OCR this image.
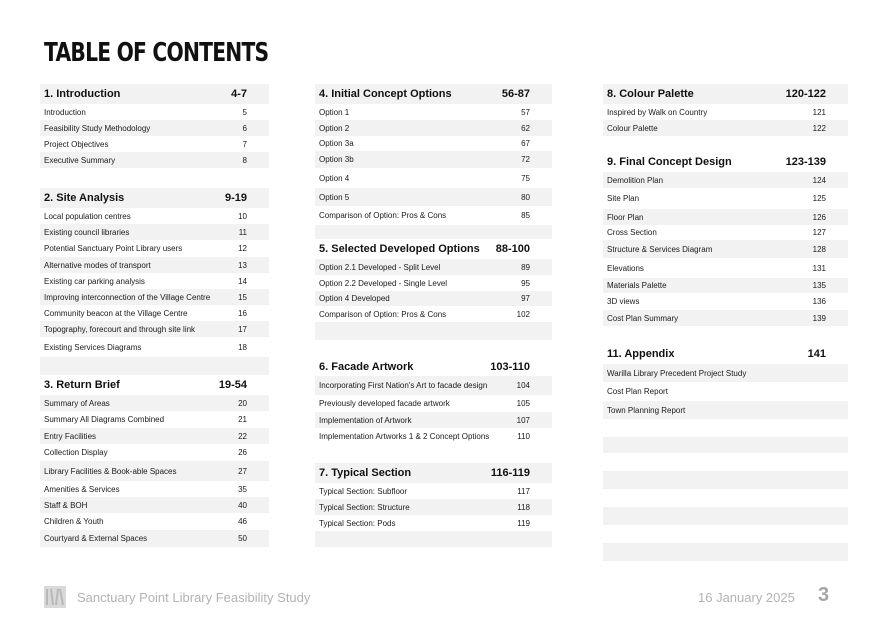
TABLE OF CONTENTS
1. Introduction	4-7
Introduction	5
Feasibility Study Methodology	6
Project Objectives	7
Executive Summary	8
2. Site Analysis	9-19
Local population centres	10
Existing council libraries	11
Potential Sanctuary Point Library users	12
Alternative modes of transport	13
Existing car parking analysis	14
Improving interconnection of the Village Centre	15
Community beacon at the Village Centre	16
Topography, forecourt and through site link	17
Existing Services Diagrams	18
3. Return Brief	19-54
Summary of Areas	20
Summary All Diagrams Combined	21
Entry Facilities	22
Collection Display	26
Library Facilities & Book-able Spaces	27
Amenities & Services	35
Staff & BOH	40
Children & Youth	46
Courtyard & External Spaces	50
4. Initial Concept Options	56-87
Option 1	57
Option 2	62
Option 3a	67
Option 3b	72
Option 4	75
Option 5	80
Comparison of Option: Pros & Cons	85
5. Selected Developed Options 88-100
Option 2.1 Developed - Split Level	89
Option 2.2 Developed - Single Level	95
Option 4 Developed	97
Comparison of Option: Pros & Cons	102
6. Facade Artwork	103-110
Incorporating First Nation's Art to facade design	104
Previously developed facade artwork	105
Implementation of Artwork	107
Implementation Artworks 1 & 2 Concept Options	110
7. Typical Section	116-119
Typical Section: Subfloor	117
Typical Section: Structure	118
Typical Section: Pods	119
8. Colour Palette	120-122
Inspired by Walk on Country	121
Colour Palette	122
9. Final Concept Design	123-139
Demolition Plan	124
Site Plan	125
Floor Plan	126
Cross Section	127
Structure & Services Diagram	128
Elevations	131
Materials Palette	135
3D views	136
Cost Plan Summary	139
11. Appendix	141
Warilla Library Precedent Project Study
Cost Plan Report
Town Planning Report
Sanctuary Point Library Feasibility Study	16 January 2025 3
